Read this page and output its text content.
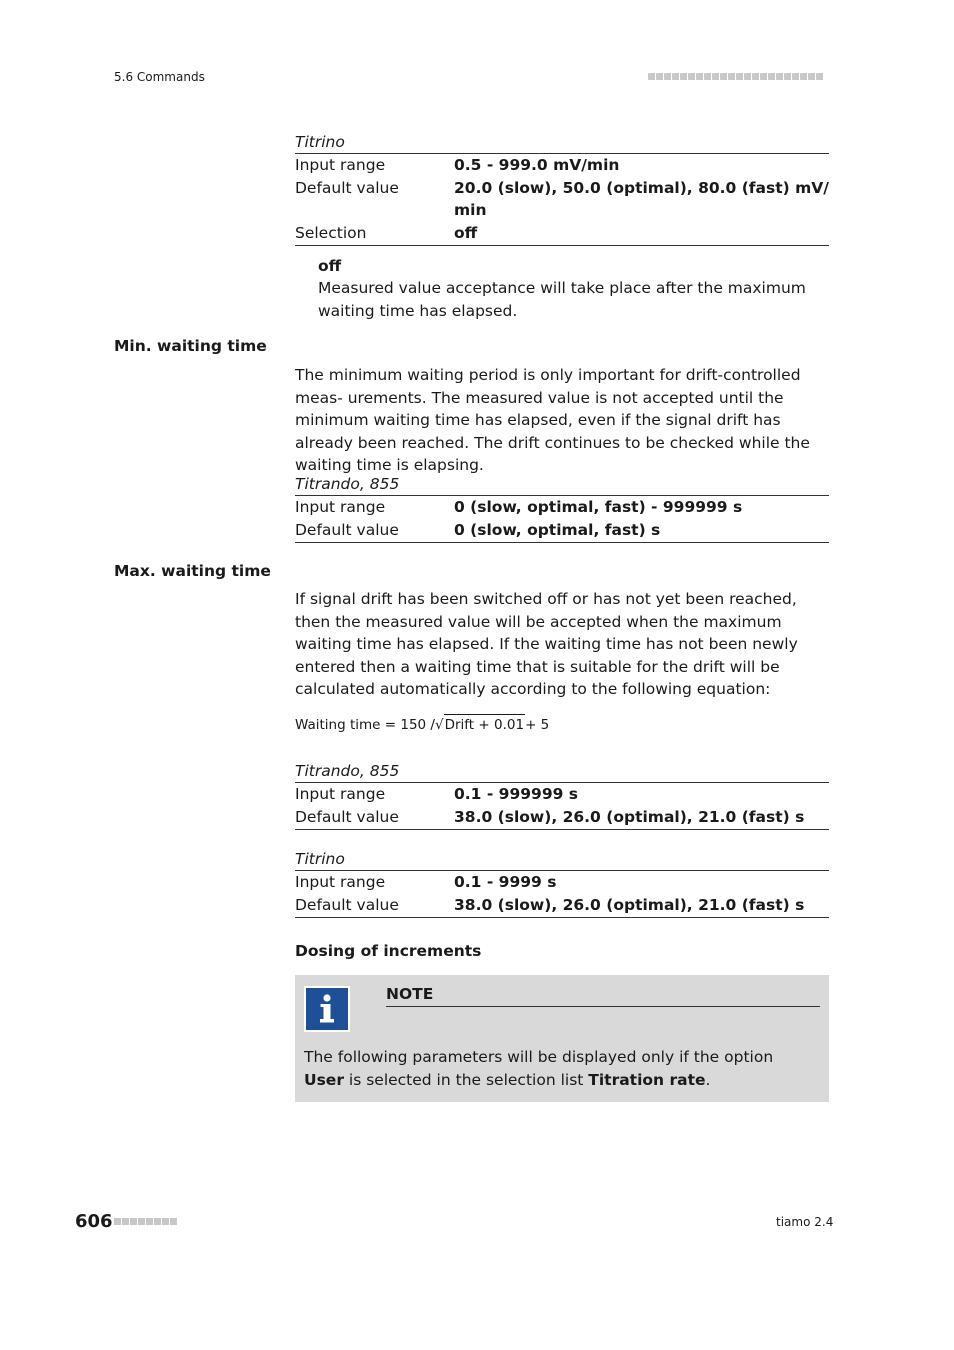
5.6 Commands
Titrino
Input range	0.5 - 999.0 mV/min
Default value	20.0 (slow), 50.0 (optimal), 80.0 (fast) mV/ min
Selection	off
off
Measured value acceptance will take place after the maximum waiting time has elapsed.
Min. waiting time
The minimum waiting period is only important for drift-controlled meas- urements. The measured value is not accepted until the minimum waiting time has elapsed, even if the signal drift has already been reached. The drift continues to be checked while the waiting time is elapsing.
Titrando, 855
Input range	0 (slow, optimal, fast) - 999999 s
Default value	0 (slow, optimal, fast) s
Max. waiting time
If signal drift has been switched off or has not yet been reached, then the measured value will be accepted when the maximum waiting time has elapsed. If the waiting time has not been newly entered then a waiting time that is suitable for the drift will be calculated automatically according to the following equation:
Waiting time = 150 / √ Drift + 0.01 + 5
Titrando, 855
Input range	0.1 - 999999 s
Default value	38.0 (slow), 26.0 (optimal), 21.0 (fast) s
Titrino
Input range	0.1 - 9999 s
Default value	38.0 (slow), 26.0 (optimal), 21.0 (fast) s
Dosing of increments
NOTE
The following parameters will be displayed only if the option User is selected in the selection list Titration rate.
606	tiamo 2.4
